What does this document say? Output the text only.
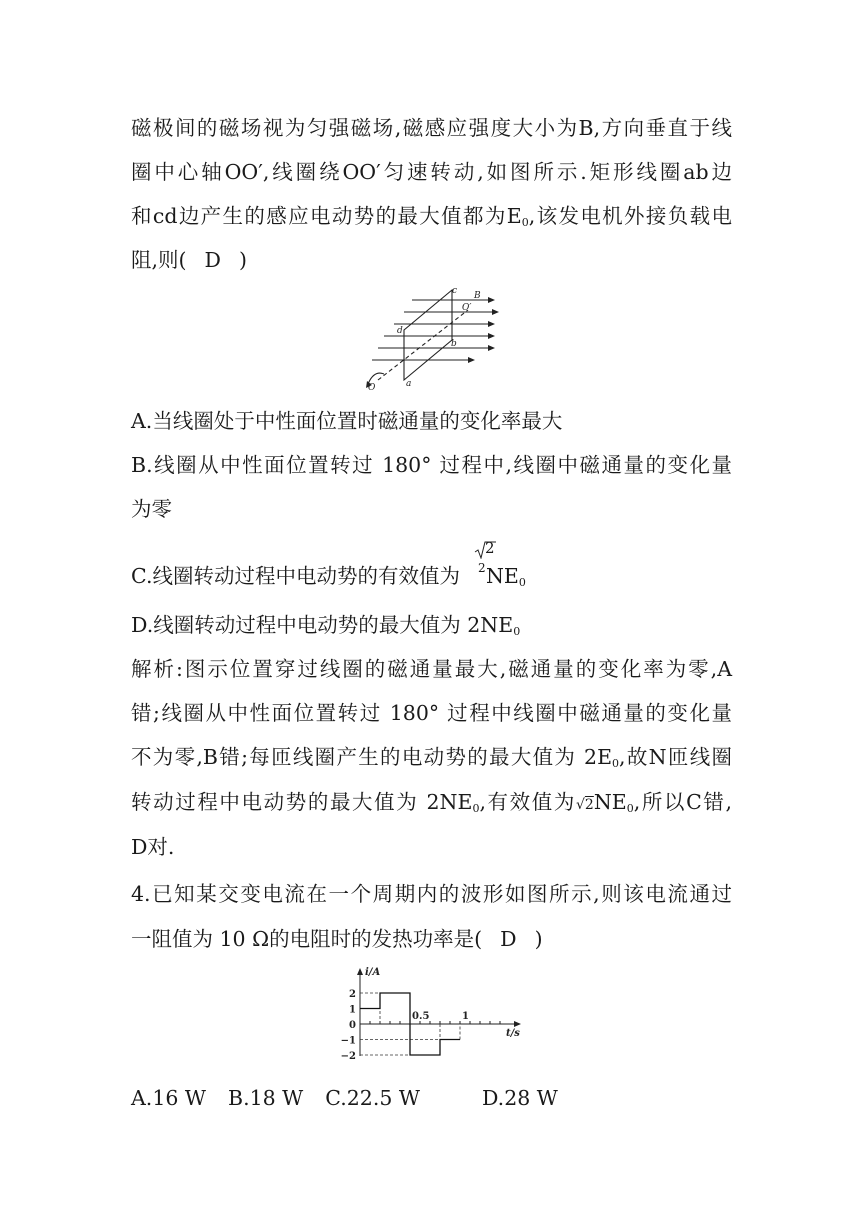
磁极间的磁场视为匀强磁场,磁感应强度大小为B,方向垂直于线
圈中心轴OO′,线圈绕OO′匀速转动,如图所示.矩形线圈ab边
和cd边产生的感应电动势的最大值都为$E_0$,该发电机外接负载电
阻,则( D )
c B
O′
d
b
O	a
A.当线圈处于中性面位置时磁通量的变化率最大
B.线圈从中性面位置转过 180° 过程中,线圈中磁通量的变化量
为零
C.线圈转动过程中电动势的有效值为 $NE_0$
2
2
D.线圈转动过程中电动势的最大值为 $2NE_0$
解析:图示位置穿过线圈的磁通量最大,磁通量的变化率为零,A
错;线圈从中性面位置转过 180° 过程中线圈中磁通量的变化量
不为零,B错;每匝线圈产生的电动势的最大值为 $2E_0$,故N匝线圈
转动过程中电动势的最大值为 $2NE_0$,有效值为$√2NE_0$,所以C错,
D对.
4.已知某交变电流在一个周期内的波形如图所示,则该电流通过
一阻值为 10 Ω的电阻时的发热功率是( D )
2
1
0
−1
−2
0.5	1
i/A
t/s
A.16 W B.18 W C.22.5 W	D.28 W
